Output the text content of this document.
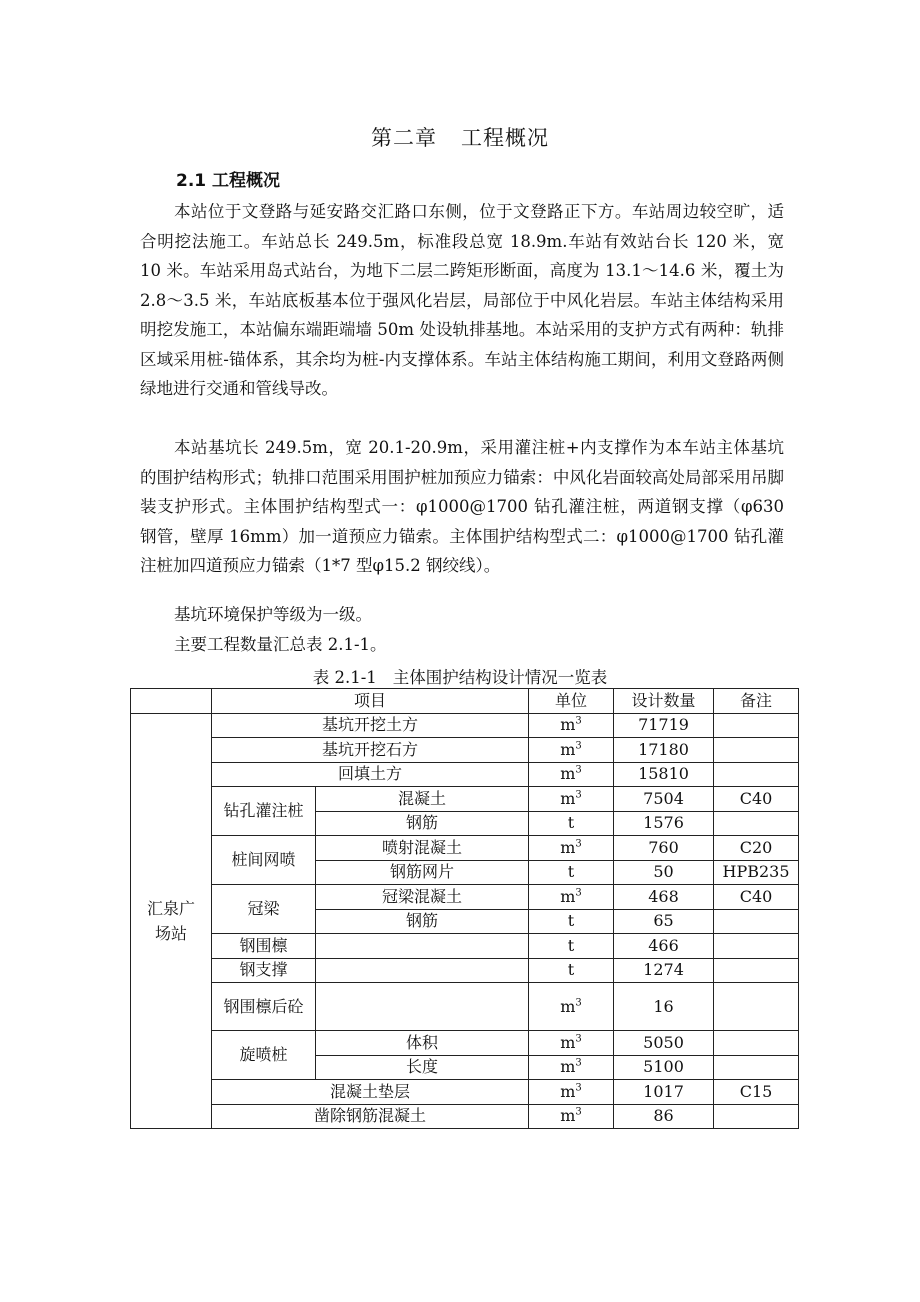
第二章 工程概况
2.1 工程概况

本站位于文登路与延安路交汇路口东侧，位于文登路正下方。车站周边较空旷，适合明挖法施工。车站总长 249.5m，标准段总宽 18.9m.车站有效站台长 120 米，宽 10 米。车站采用岛式站台，为地下二层二跨矩形断面，高度为 13.1～14.6 米，覆土为 2.8～3.5 米，车站底板基本位于强风化岩层，局部位于中风化岩层。车站主体结构采用明挖发施工，本站偏东端距端墙 50m 处设轨排基地。本站采用的支护方式有两种：轨排区域采用桩-锚体系，其余均为桩-内支撑体系。车站主体结构施工期间，利用文登路两侧绿地进行交通和管线导改。

本站基坑长 249.5m，宽 20.1-20.9m，采用灌注桩+内支撑作为本车站主体基坑的围护结构形式；轨排口范围采用围护桩加预应力锚索：中风化岩面较高处局部采用吊脚装支护形式。主体围护结构型式一：φ1000@1700 钻孔灌注桩，两道钢支撑（φ630 钢管，壁厚 16mm）加一道预应力锚索。主体围护结构型式二：φ1000@1700 钻孔灌注桩加四道预应力锚索（1*7 型φ15.2 钢绞线）。

基坑环境保护等级为一级。

主要工程数量汇总表 2.1-1。

表 2.1-1 主体围护结构设计情况一览表
	项目		单位	设计数量	备注
汇泉广场站	基坑开挖土方		$m^3$	71719	
	基坑开挖石方		$m^3$	17180	
	回填土方		$m^3$	15810	
	钻孔灌注桩	混凝土	$m^3$	7504	C40
		钢筋	t	1576	
	桩间网喷	喷射混凝土	$m^3$	760	C20
		钢筋网片	t	50	HPB235
	冠梁	冠梁混凝土	$m^3$	468	C40
		钢筋	t	65	
	钢围檩		t	466	
	钢支撑		t	1274	
	钢围檩后砼		$m^3$	16	
	旋喷桩	体积	$m^3$	5050	
		长度	$m^3$	5100	
	混凝土垫层		$m^3$	1017	C15
	凿除钢筋混凝土		$m^3$	86	
